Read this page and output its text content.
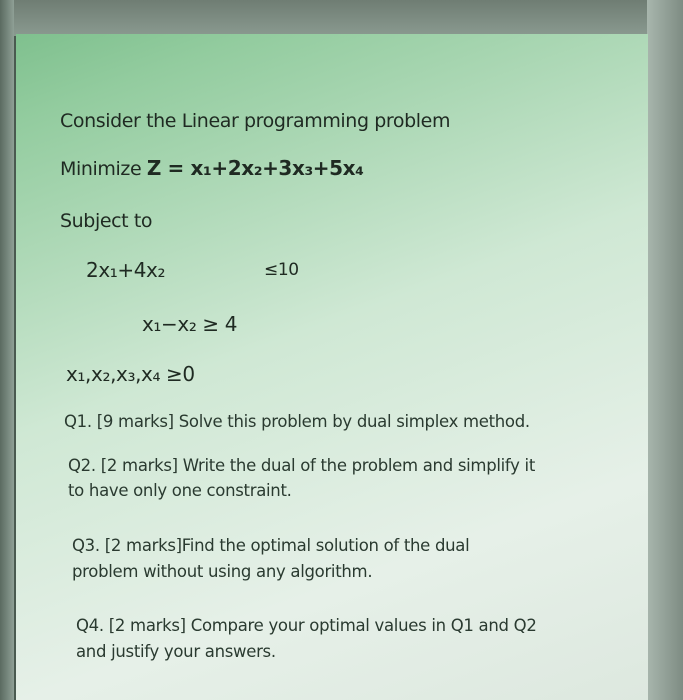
Consider the Linear programming problem
Minimize Z = x₁+2x₂+3x₃+5x₄
Subject to
2x₁+4x₂	≤10
x₁−x₂ ≥ 4
x₁,x₂,x₃,x₄ ≥0
Q1. [9 marks] Solve this problem by dual simplex method.
Q2. [2 marks] Write the dual of the problem and simplify it
to have only one constraint.
Q3. [2 marks]Find the optimal solution of the dual
problem without using any algorithm.
Q4. [2 marks] Compare your optimal values in Q1 and Q2
and justify your answers.
